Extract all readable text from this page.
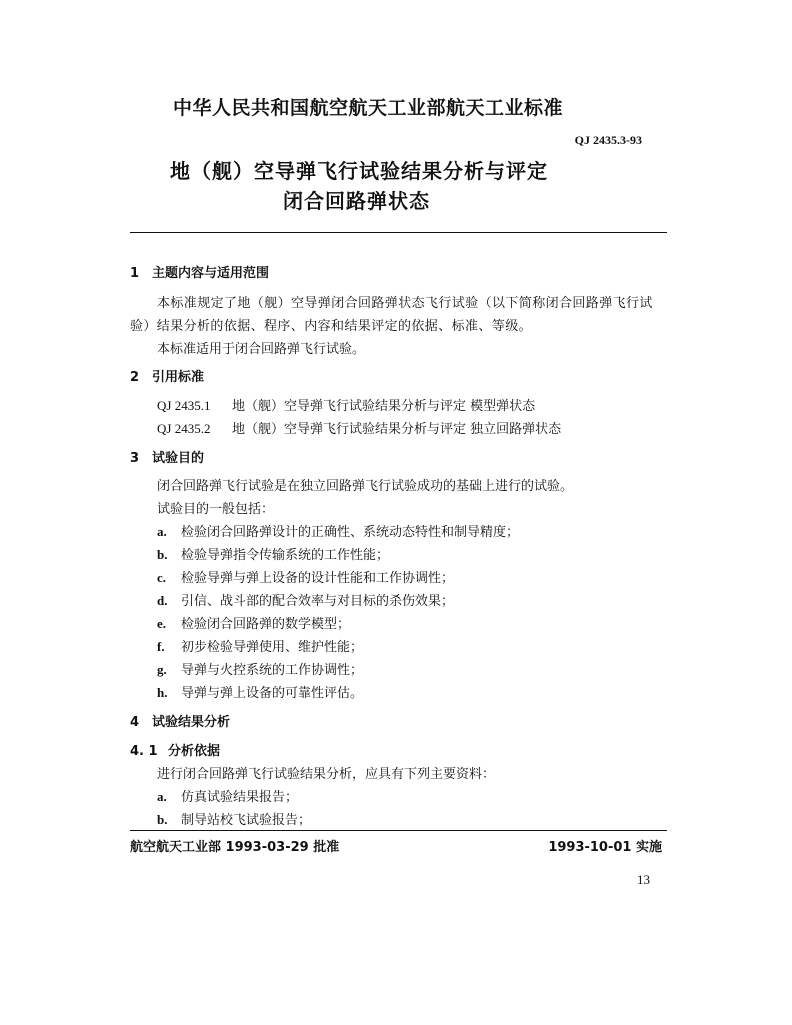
中华人民共和国航空航天工业部航天工业标准
QJ 2435.3-93
地（舰）空导弹飞行试验结果分析与评定
闭合回路弹状态
1 主题内容与适用范围
本标准规定了地（舰）空导弹闭合回路弹状态飞行试验（以下简称闭合回路弹飞行试
验）结果分析的依据、程序、内容和结果评定的依据、标准、等级。
本标准适用于闭合回路弹飞行试验。
2 引用标准
QJ 2435.1 地（舰）空导弹飞行试验结果分析与评定 模型弹状态
QJ 2435.2 地（舰）空导弹飞行试验结果分析与评定 独立回路弹状态
3 试验目的
闭合回路弹飞行试验是在独立回路弹飞行试验成功的基础上进行的试验。
试验目的一般包括：
a. 检验闭合回路弹设计的正确性、系统动态特性和制导精度；
b. 检验导弹指令传输系统的工作性能；
c. 检验导弹与弹上设备的设计性能和工作协调性；
d. 引信、战斗部的配合效率与对目标的杀伤效果；
e. 检验闭合回路弹的数学模型；
f. 初步检验导弹使用、维护性能；
g. 导弹与火控系统的工作协调性；
h. 导弹与弹上设备的可靠性评估。
4 试验结果分析
4. 1 分析依据
进行闭合回路弹飞行试验结果分析，应具有下列主要资料：
a. 仿真试验结果报告；
b. 制导站校飞试验报告；
航空航天工业部 1993-03-29 批准	1993-10-01 实施
13
